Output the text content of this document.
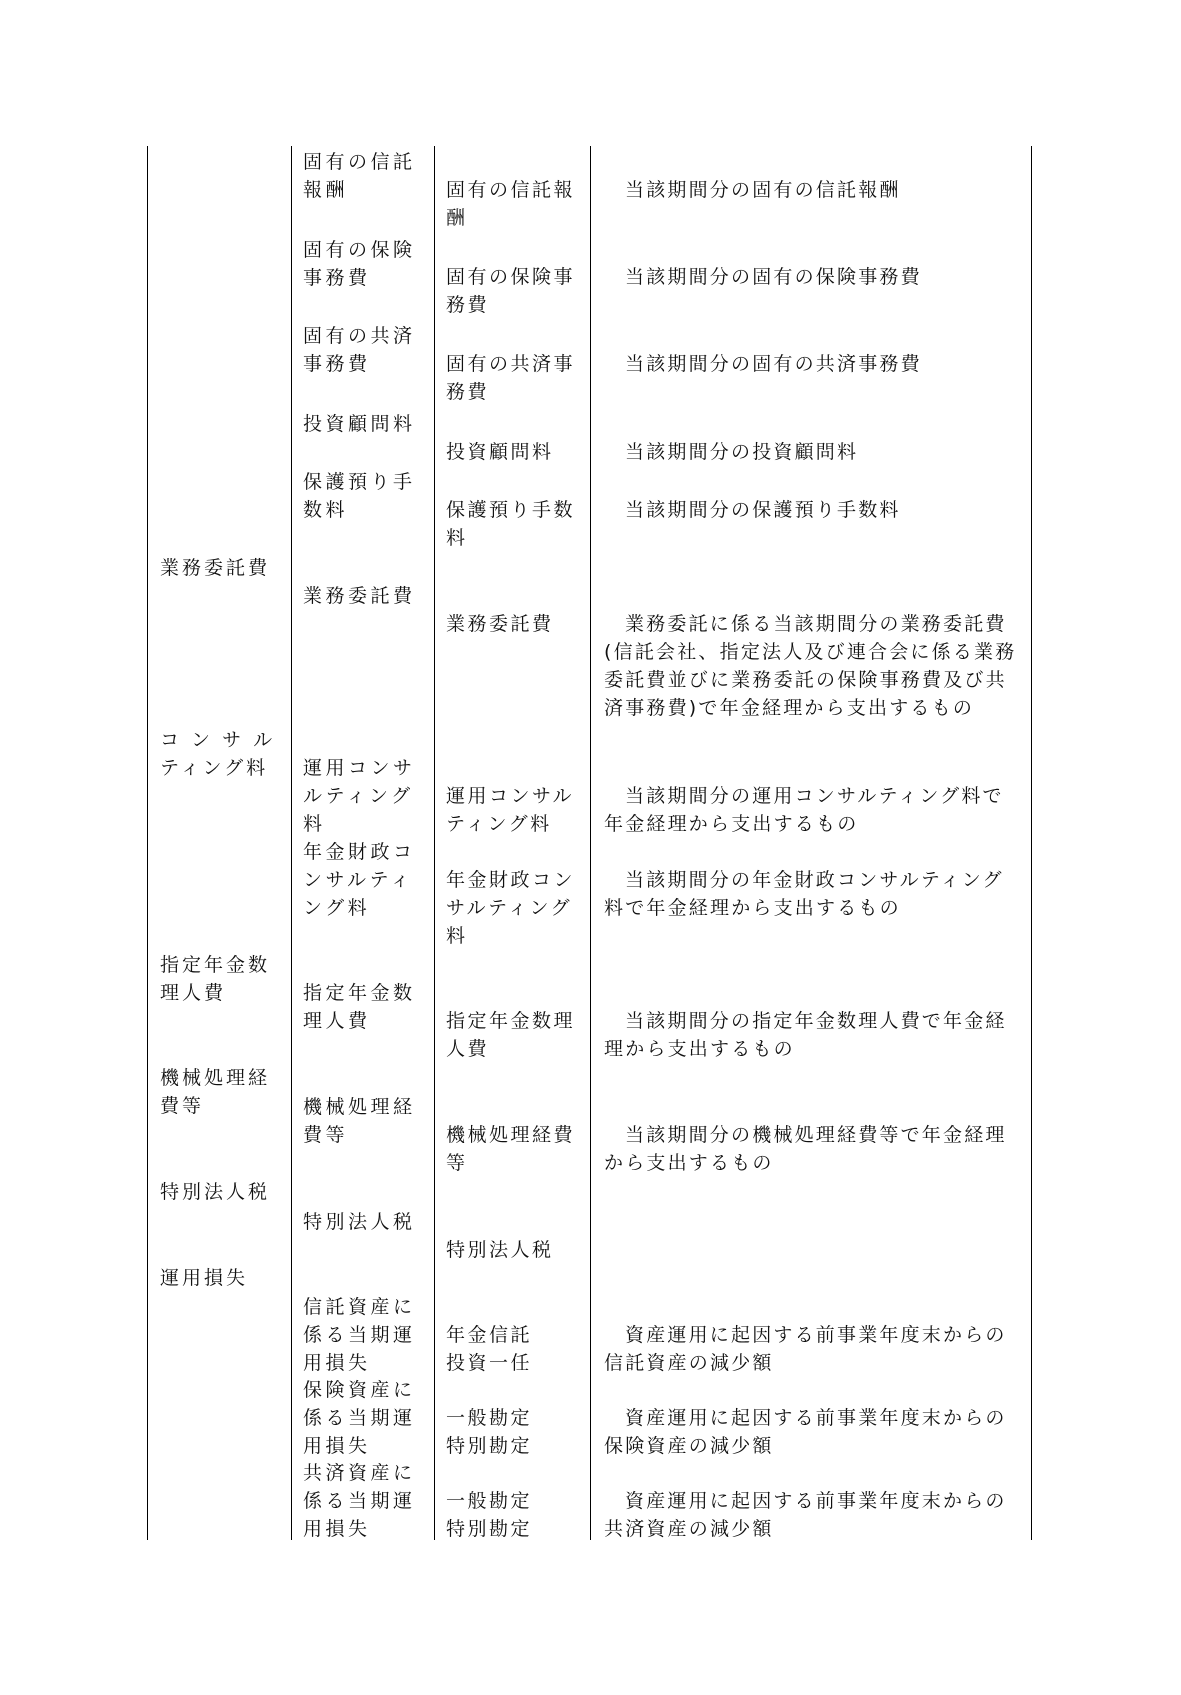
業務委託費
コ ン サ ル
ティング料
指定年金数
理人費
機械処理経
費等
特別法人税
運用損失
固有の信託
報酬
固有の保険
事務費
固有の共済
事務費
投資顧問料
保護預り手
数料
業務委託費
運用コンサ
ルティング
料
年金財政コ
ンサルティ
ング料
指定年金数
理人費
機械処理経
費等
特別法人税
信託資産に
係る当期運
用損失
保険資産に
係る当期運
用損失
共済資産に
係る当期運
用損失
固有の信託報
酬
固有の保険事
務費
固有の共済事
務費
投資顧問料
保護預り手数
料
業務委託費
運用コンサル
ティング料
年金財政コン
サルティング
料
指定年金数理
人費
機械処理経費
等
特別法人税
年金信託
投資一任
一般勘定
特別勘定
一般勘定
特別勘定
当該期間分の固有の信託報酬
当該期間分の固有の保険事務費
当該期間分の固有の共済事務費
当該期間分の投資顧問料
当該期間分の保護預り手数料
業務委託に係る当該期間分の業務委託費
(信託会社、指定法人及び連合会に係る業務
委託費並びに業務委託の保険事務費及び共
済事務費)で年金経理から支出するもの
当該期間分の運用コンサルティング料で
年金経理から支出するもの
当該期間分の年金財政コンサルティング
料で年金経理から支出するもの
当該期間分の指定年金数理人費で年金経
理から支出するもの
当該期間分の機械処理経費等で年金経理
から支出するもの
資産運用に起因する前事業年度末からの
信託資産の減少額
資産運用に起因する前事業年度末からの
保険資産の減少額
資産運用に起因する前事業年度末からの
共済資産の減少額
